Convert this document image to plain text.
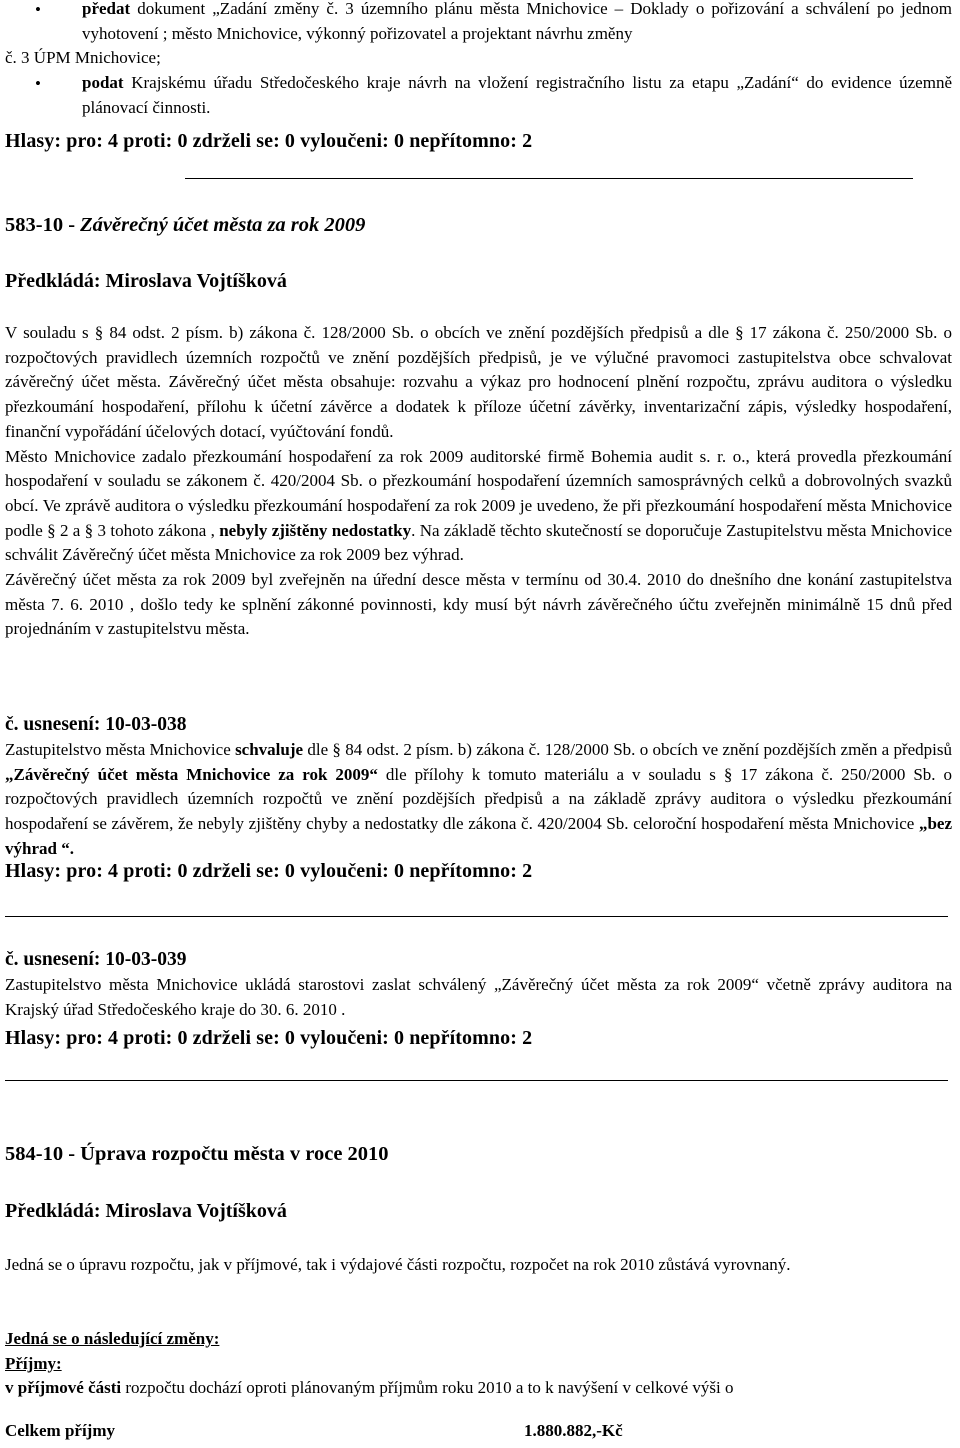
• předat dokument „Zadání změny č. 3 územního plánu města Mnichovice – Doklady o pořizování a schválení po jednom vyhotovení ; město Mnichovice, výkonný pořizovatel a projektant návrhu změny

č. 3 ÚPM Mnichovice;

• podat Krajskému úřadu Středočeského kraje návrh na vložení registračního listu za etapu „Zadání“ do evidence územně plánovací činnosti.
Hlasy: pro: 4 proti: 0 zdrželi se: 0 vyloučeni: 0 nepřítomno: 2
583-10 - Závěrečný účet města za rok 2009
Předkládá: Miroslava Vojtíšková

V souladu s § 84 odst. 2 písm. b) zákona č. 128/2000 Sb. o obcích ve znění pozdějších předpisů a dle § 17 zákona č. 250/2000 Sb. o rozpočtových pravidlech územních rozpočtů ve znění pozdějších předpisů, je ve výlučné pravomoci zastupitelstva obce schvalovat závěrečný účet města. Závěrečný účet města obsahuje: rozvahu a výkaz pro hodnocení plnění rozpočtu, zprávu auditora o výsledku přezkoumání hospodaření, přílohu k účetní závěrce a dodatek k příloze účetní závěrky, inventarizační zápis, výsledky hospodaření, finanční vypořádání účelových dotací, vyúčtování fondů.

Město Mnichovice zadalo přezkoumání hospodaření za rok 2009 auditorské firmě Bohemia audit s. r. o., která provedla přezkoumání hospodaření v souladu se zákonem č. 420/2004 Sb. o přezkoumání hospodaření územních samosprávných celků a dobrovolných svazků obcí. Ve zprávě auditora o výsledku přezkoumání hospodaření za rok 2009 je uvedeno, že při přezkoumání hospodaření města Mnichovice podle § 2 a § 3 tohoto zákona , nebyly zjištěny nedostatky. Na základě těchto skutečností se doporučuje Zastupitelstvu města Mnichovice schválit Závěrečný účet města Mnichovice za rok 2009 bez výhrad.

Závěrečný účet města za rok 2009 byl zveřejněn na úřední desce města v termínu od 30.4. 2010 do dnešního dne konání zastupitelstva města 7. 6. 2010 , došlo tedy ke splnění zákonné povinnosti, kdy musí být návrh závěrečného účtu zveřejněn minimálně 15 dnů před projednáním v zastupitelstvu města.

č. usnesení: 10-03-038

Zastupitelstvo města Mnichovice schvaluje dle § 84 odst. 2 písm. b) zákona č. 128/2000 Sb. o obcích ve znění pozdějších změn a předpisů „Závěrečný účet města Mnichovice za rok 2009“ dle přílohy k tomuto materiálu a v souladu s § 17 zákona č. 250/2000 Sb. o rozpočtových pravidlech územních rozpočtů ve znění pozdějších předpisů a na základě zprávy auditora o výsledku přezkoumání hospodaření se závěrem, že nebyly zjištěny chyby a nedostatky dle zákona č. 420/2004 Sb. celoroční hospodaření města Mnichovice „bez výhrad “.

Hlasy: pro: 4 proti: 0 zdrželi se: 0 vyloučeni: 0 nepřítomno: 2
č. usnesení: 10-03-039
Zastupitelstvo města Mnichovice ukládá starostovi zaslat schválený „Závěrečný účet města za rok 2009“ včetně zprávy auditora na Krajský úřad Středočeského kraje do 30. 6. 2010 .
Hlasy: pro: 4 proti: 0 zdrželi se: 0 vyloučeni: 0 nepřítomno: 2
584-10 - Úprava rozpočtu města v roce 2010
Předkládá: Miroslava Vojtíšková
Jedná se o úpravu rozpočtu, jak v příjmové, tak i výdajové části rozpočtu, rozpočet na rok 2010 zůstává vyrovnaný.

Jedná se o následující změny:

Příjmy:

v příjmové části rozpočtu dochází oproti plánovaným příjmům roku 2010 a to k navýšení v celkové výši o

Celkem příjmy	1.880.882,-Kč
